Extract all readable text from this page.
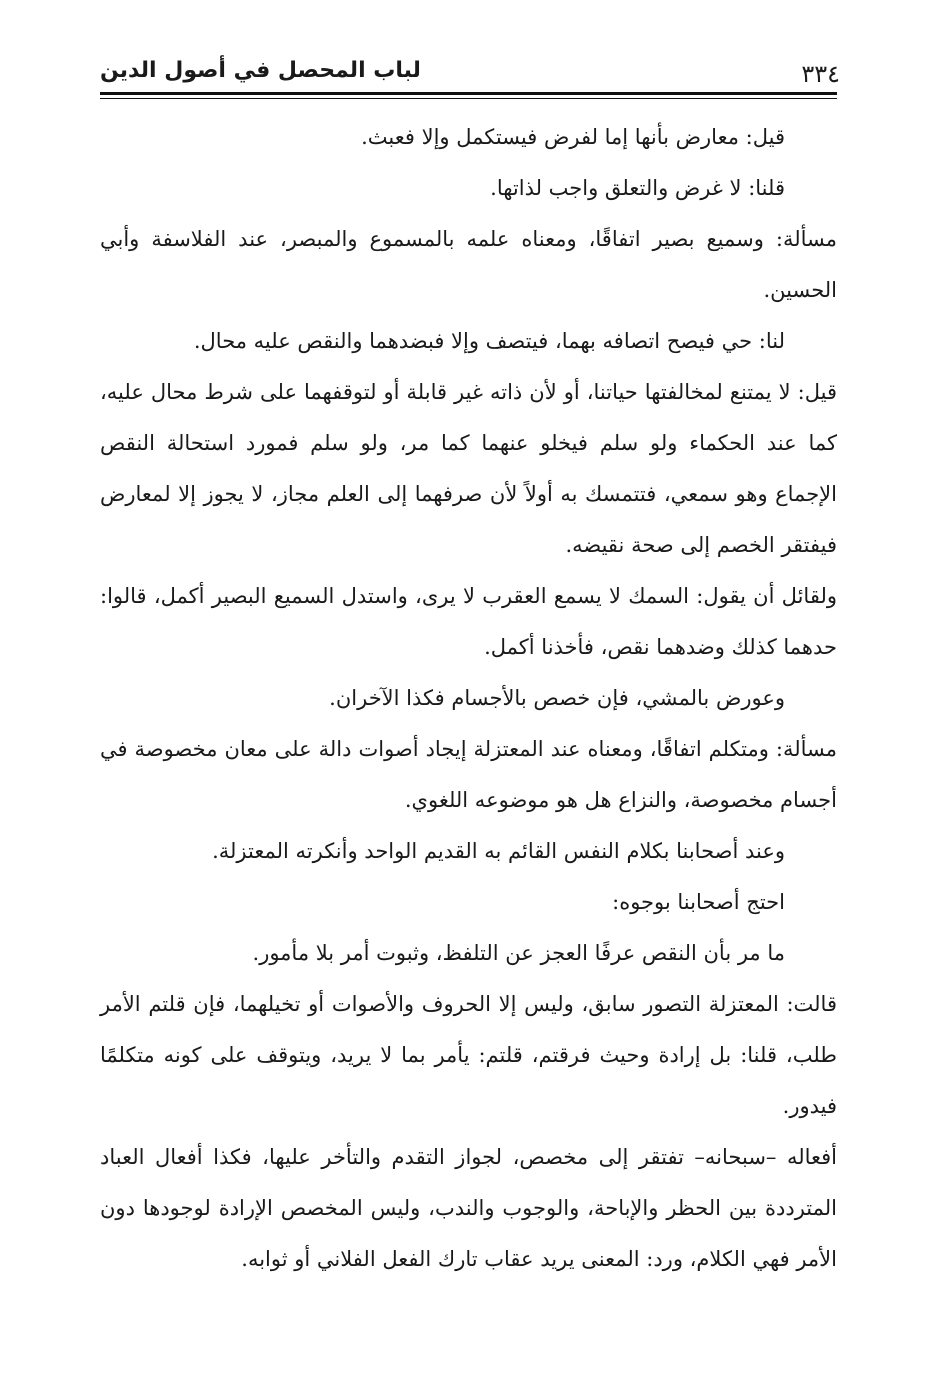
لباب المحصل في أصول الدين	٣٣٤

قيل: معارض بأنها إما لفرض فيستكمل وإلا فعبث.

قلنا: لا غرض والتعلق واجب لذاتها.

مسألة: وسميع بصير اتفاقًا، ومعناه علمه بالمسموع والمبصر، عند الفلاسفة وأبي الحسين.

لنا: حي فيصح اتصافه بهما، فيتصف وإلا فبضدهما والنقص عليه محال.

قيل: لا يمتنع لمخالفتها حياتنا، أو لأن ذاته غير قابلة أو لتوقفهما على شرط محال عليه، كما عند الحكماء ولو سلم فيخلو عنهما كما مر، ولو سلم فمورد استحالة النقص الإجماع وهو سمعي، فتتمسك به أولاً لأن صرفهما إلى العلم مجاز، لا يجوز إلا لمعارض فيفتقر الخصم إلى صحة نقيضه.

ولقائل أن يقول: السمك لا يسمع العقرب لا يرى، واستدل السميع البصير أكمل، قالوا: حدهما كذلك وضدهما نقص، فأخذنا أكمل.

وعورض بالمشي، فإن خصص بالأجسام فكذا الآخران.

مسألة: ومتكلم اتفاقًا، ومعناه عند المعتزلة إيجاد أصوات دالة على معان مخصوصة في أجسام مخصوصة، والنزاع هل هو موضوعه اللغوي.

وعند أصحابنا بكلام النفس القائم به القديم الواحد وأنكرته المعتزلة.

احتج أصحابنا بوجوه:

ما مر بأن النقص عرفًا العجز عن التلفظ، وثبوت أمر بلا مأمور.

قالت: المعتزلة التصور سابق، وليس إلا الحروف والأصوات أو تخيلهما، فإن قلتم الأمر طلب، قلنا: بل إرادة وحيث فرقتم، قلتم: يأمر بما لا يريد، ويتوقف على كونه متكلمًا فيدور.

أفعاله –سبحانه– تفتقر إلى مخصص، لجواز التقدم والتأخر عليها، فكذا أفعال العباد المترددة بين الحظر والإباحة، والوجوب والندب، وليس المخصص الإرادة لوجودها دون الأمر فهي الكلام، ورد: المعنى يريد عقاب تارك الفعل الفلاني أو ثوابه.
